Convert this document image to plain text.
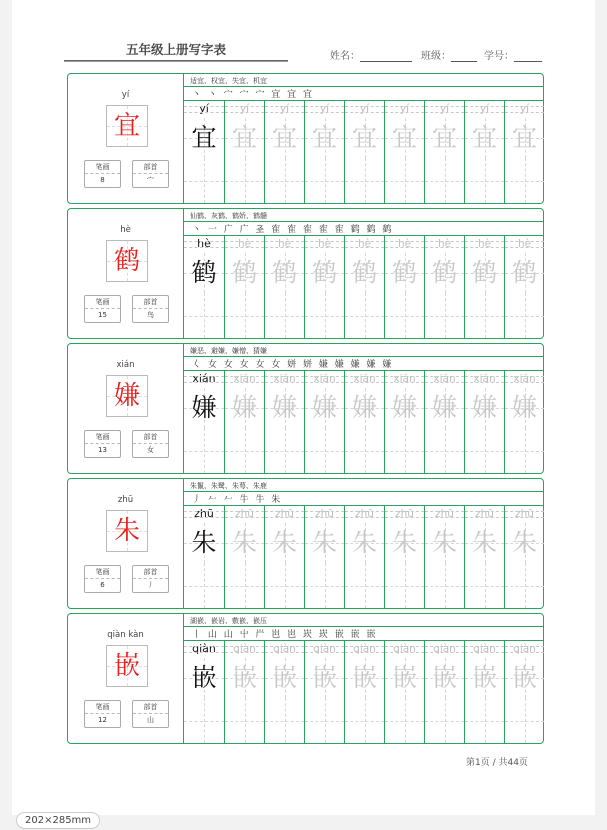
五年级上册写字表	姓名：	班级：	学号：
yí
宜
笔画
8
部首
宀
适宜、权宜、失宜、机宜
丶 丶 宀 宀 宀 宜 宜 宜
yí
宜
yí
宜
yí
宜
yí
宜
yí
宜
yí
宜
yí
宜
yí
宜
yí
宜
hè
鹤
笔画
15
部首
鸟
仙鹤、灰鹤、鹤娇、鹤髓
丶 一 广 广 𢀖 隺 隺 隺 隺 隺 鹤 鹤 鹤
hè
鹤
hè
鹤
hè
鹤
hè
鹤
hè
鹤
hè
鹤
hè
鹤
hè
鹤
hè
鹤
xián
嫌
笔画
13
部首
女
嫌恶、避嫌、嫌憎、猜嫌
𡿨 女 女 女 女 女 姘 姘 嫌 嫌 嫌 嫌 嫌
xián
嫌
xián
嫌
xián
嫌
xián
嫌
xián
嫌
xián
嫌
xián
嫌
xián
嫌
xián
嫌
zhū
朱
笔画
6
部首
丿
朱鬣、朱鹭、朱萼、朱鹿
丿 𠂉 𠂉 牛 牛 朱
zhū
朱
zhū
朱
zhū
朱
zhū
朱
zhū
朱
zhū
朱
zhū
朱
zhū
朱
zhū
朱
qiàn kàn
嵌
笔画
12
部首
山
湖嵌、嵌岩、敷嵌、嵌压
丨 山 山 屮 屵 岜 岜 崁 崁 嵌 嵌 嵌
qiàn
嵌
qiàn
嵌
qiàn
嵌
qiàn
嵌
qiàn
嵌
qiàn
嵌
qiàn
嵌
qiàn
嵌
qiàn
嵌
第1页 / 共44页
202×285mm
